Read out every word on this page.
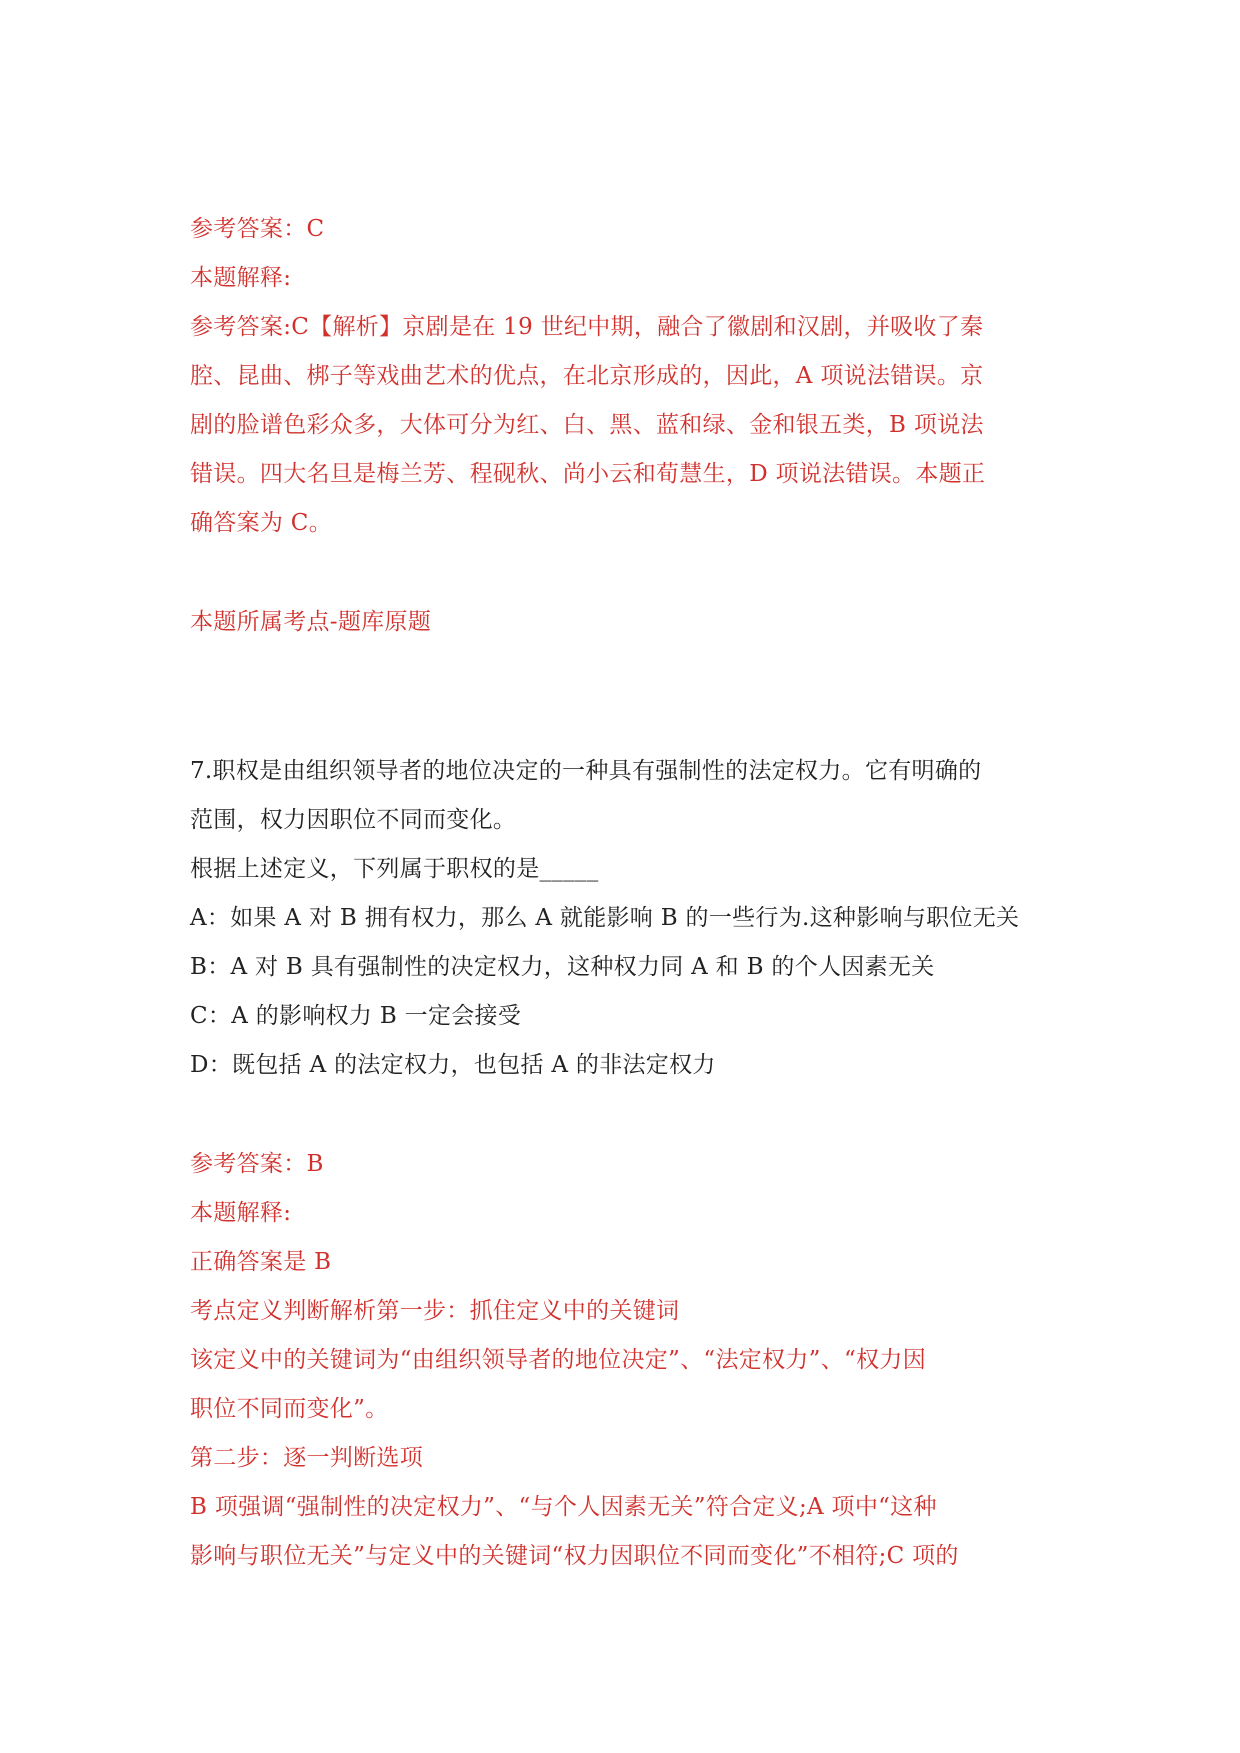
参考答案：C
本题解释:
参考答案:C【解析】京剧是在 19 世纪中期，融合了徽剧和汉剧，并吸收了秦
腔、昆曲、梆子等戏曲艺术的优点，在北京形成的，因此，A 项说法错误。京
剧的脸谱色彩众多，大体可分为红、白、黑、蓝和绿、金和银五类，B 项说法
错误。四大名旦是梅兰芳、程砚秋、尚小云和荀慧生，D 项说法错误。本题正
确答案为 C。
本题所属考点-题库原题
7.职权是由组织领导者的地位决定的一种具有强制性的法定权力。它有明确的
范围，权力因职位不同而变化。
根据上述定义，下列属于职权的是_____
A：如果 A 对 B 拥有权力，那么 A 就能影响 B 的一些行为.这种影响与职位无关
B：A 对 B 具有强制性的决定权力，这种权力同 A 和 B 的个人因素无关
C：A 的影响权力 B 一定会接受
D：既包括 A 的法定权力，也包括 A 的非法定权力
参考答案：B
本题解释:
正确答案是 B
考点定义判断解析第一步：抓住定义中的关键词
该定义中的关键词为“由组织领导者的地位决定”、“法定权力”、“权力因
职位不同而变化”。
第二步：逐一判断选项
B 项强调“强制性的决定权力”、“与个人因素无关”符合定义;A 项中“这种
影响与职位无关”与定义中的关键词“权力因职位不同而变化”不相符;C 项的
